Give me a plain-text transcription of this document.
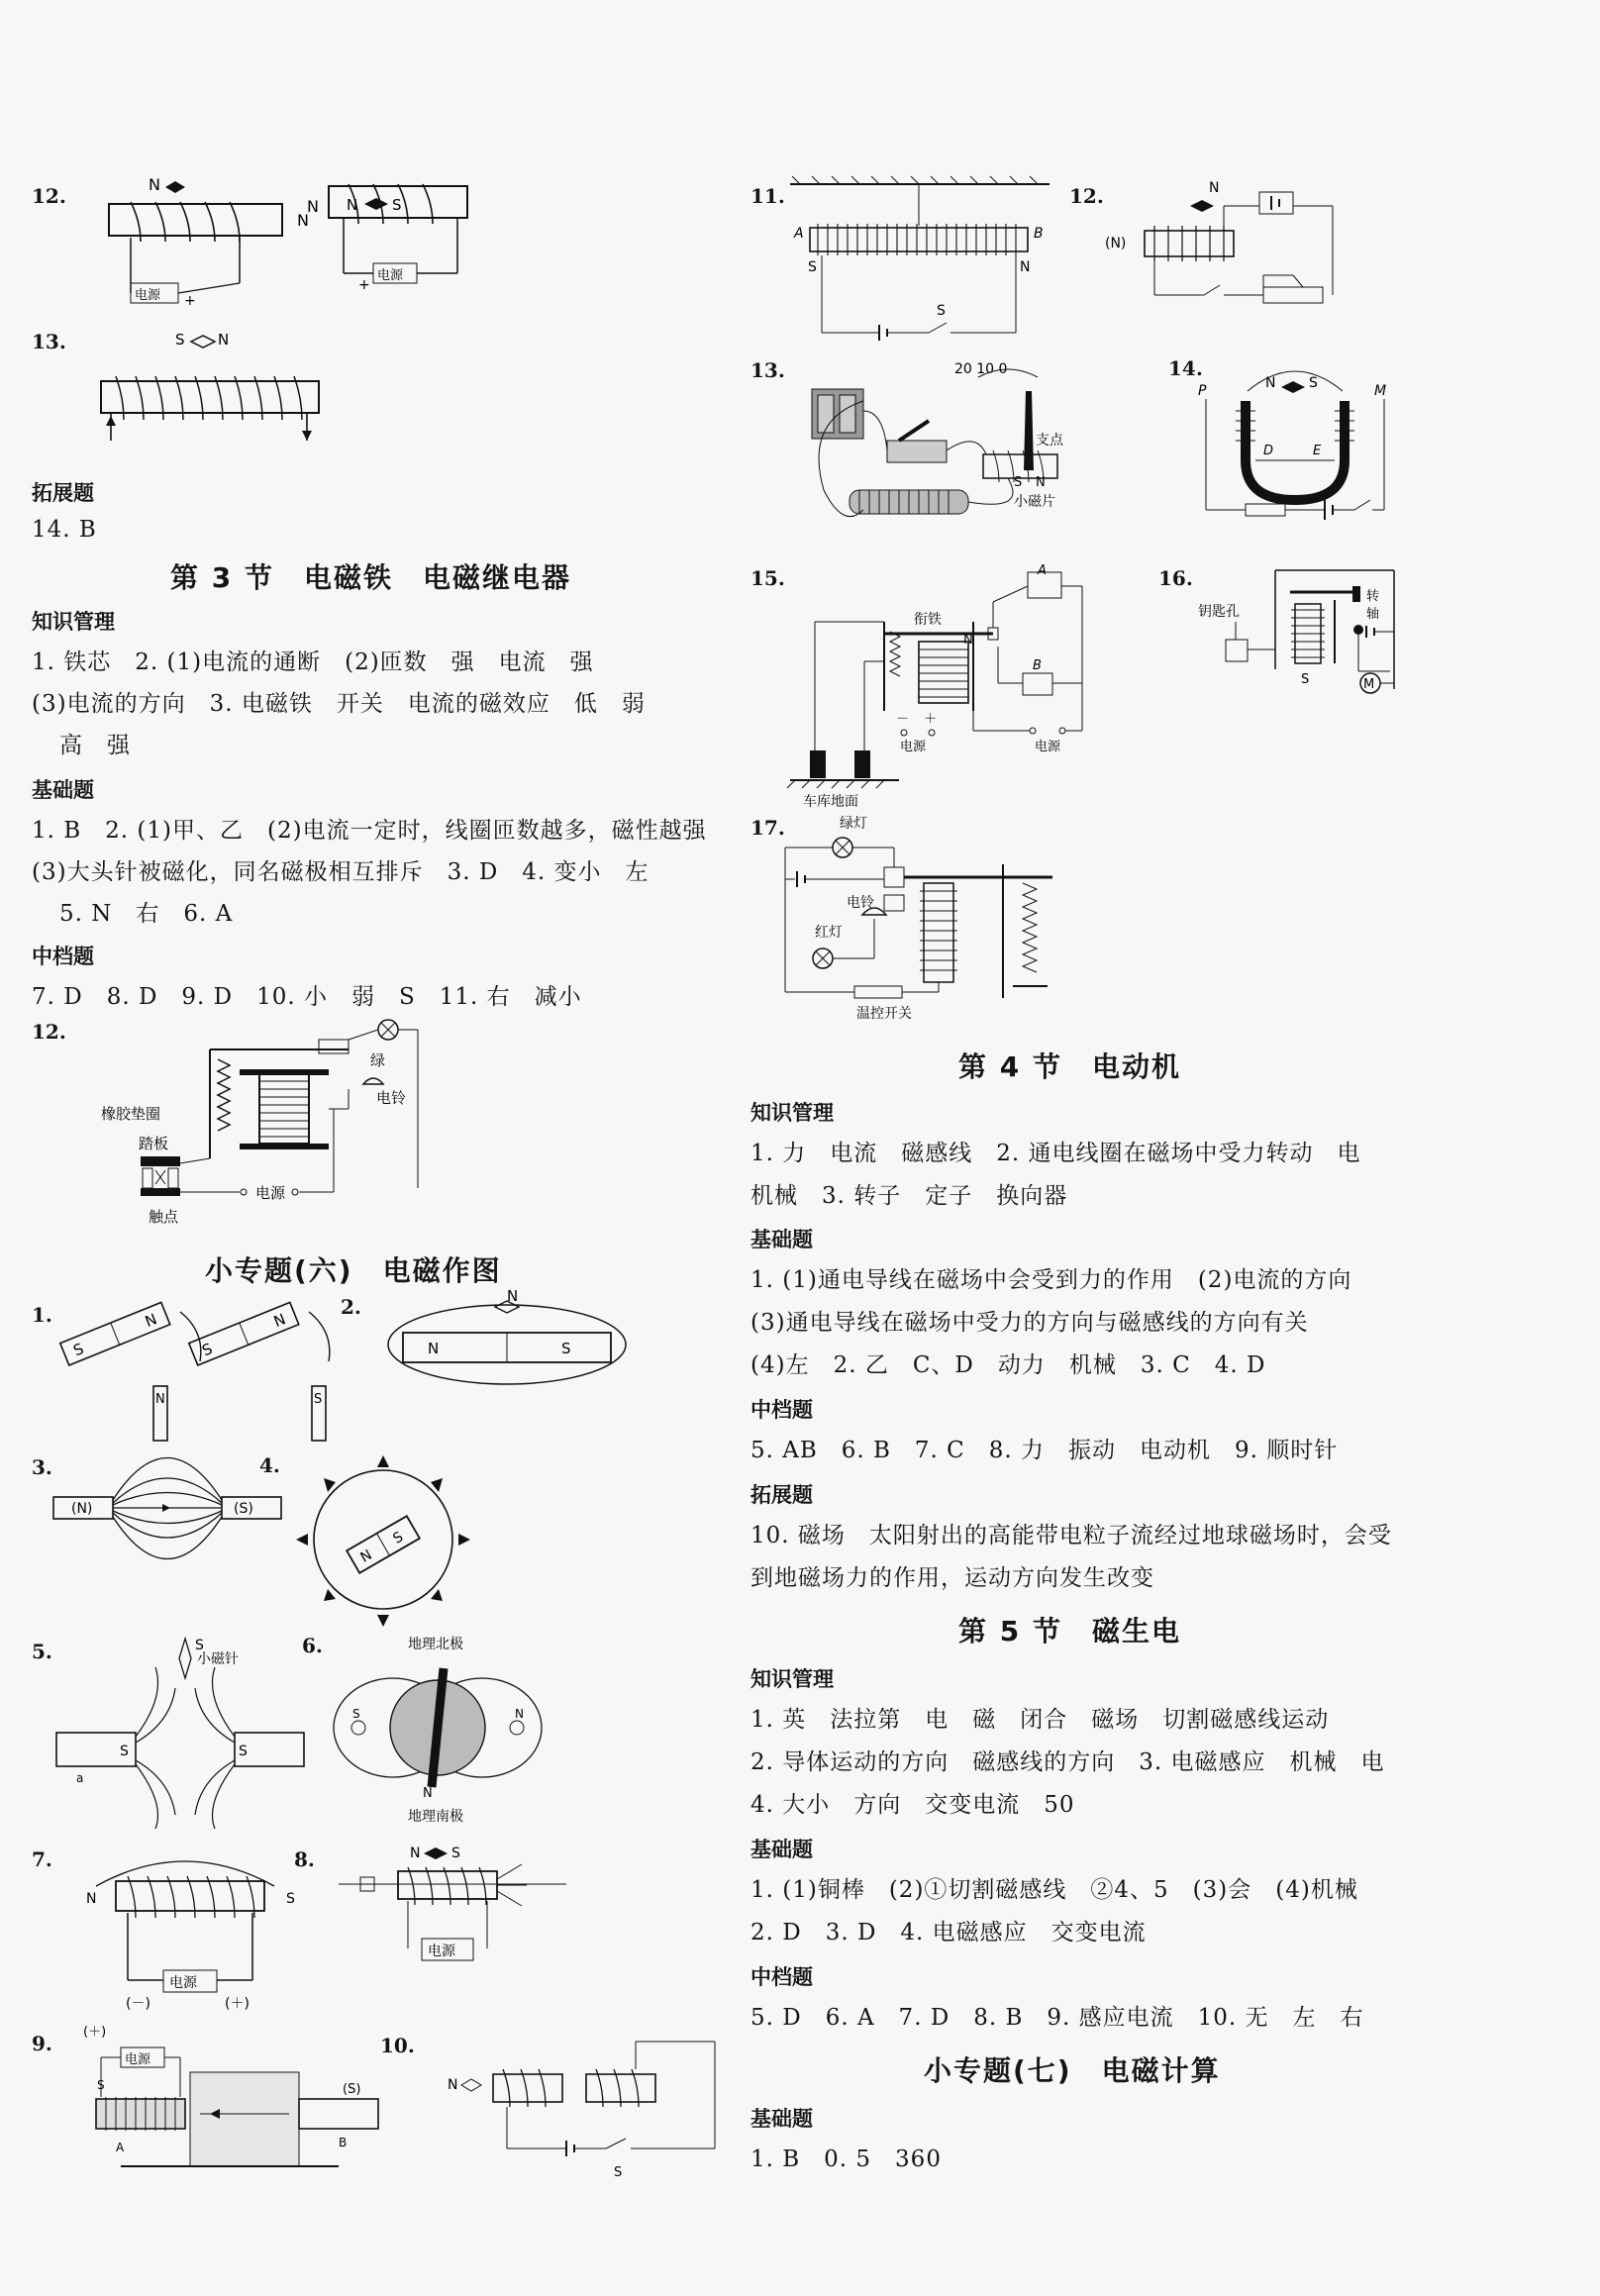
12.	N
N
电源 +
N N S
电源
+
13.	S N
拓展题
14. B
第 3 节　电磁铁　电磁继电器
知识管理
1. 铁芯　2. (1)电流的通断　(2)匝数　强　电流　强
(3)电流的方向　3. 电磁铁　开关　电流的磁效应　低　弱
高　强
基础题
1. B　2. (1)甲、乙　(2)电流一定时，线圈匝数越多，磁性越强
(3)大头针被磁化，同名磁极相互排斥　3. D　4. 变小　左
5. N　右　6. A
中档题
7. D　8. D　9. D　10. 小　弱　S　11. 右　减小
12.
绿
电铃
橡胶垫圈
踏板
电源
触点
小专题(六)　电磁作图
1.
S
N
N
S
N
S
2.	N
N	S
3.
(N)	(S)
4.
N
S
5.	S
小磁针
S	S
a
6.	地理北极
S	N
N
地理南极
7.
N	S
电源
(－)	(＋)
8.	N S
电源
9. (＋)
电源
S	(S)
A	B
10.
N
S
11.
A	B
S	N
S
12.	N
(N)
13.	20 10 0
支点
S N
小磁片
14.
N S
P	M
D	E
15.	A
衔铁
N
B
－ ＋
电源	电源
车库地面
16.
钥匙孔
S
转
轴
M
17.	绿灯
电铃
红灯
温控开关
第 4 节　电动机
知识管理
1. 力　电流　磁感线　2. 通电线圈在磁场中受力转动　电
机械　3. 转子　定子　换向器
基础题
1. (1)通电导线在磁场中会受到力的作用　(2)电流的方向
(3)通电导线在磁场中受力的方向与磁感线的方向有关
(4)左　2. 乙　C、D　动力　机械　3. C　4. D
中档题
5. AB　6. B　7. C　8. 力　振动　电动机　9. 顺时针
拓展题
10. 磁场　太阳射出的高能带电粒子流经过地球磁场时，会受
到地磁场力的作用，运动方向发生改变
第 5 节　磁生电
知识管理
1. 英　法拉第　电　磁　闭合　磁场　切割磁感线运动
2. 导体运动的方向　磁感线的方向　3. 电磁感应　机械　电
4. 大小　方向　交变电流　50
基础题
1. (1)铜棒　(2)①切割磁感线　②4、5　(3)会　(4)机械
2. D　3. D　4. 电磁感应　交变电流
中档题
5. D　6. A　7. D　8. B　9. 感应电流　10. 无　左　右
小专题(七)　电磁计算
基础题
1. B　0. 5　360
